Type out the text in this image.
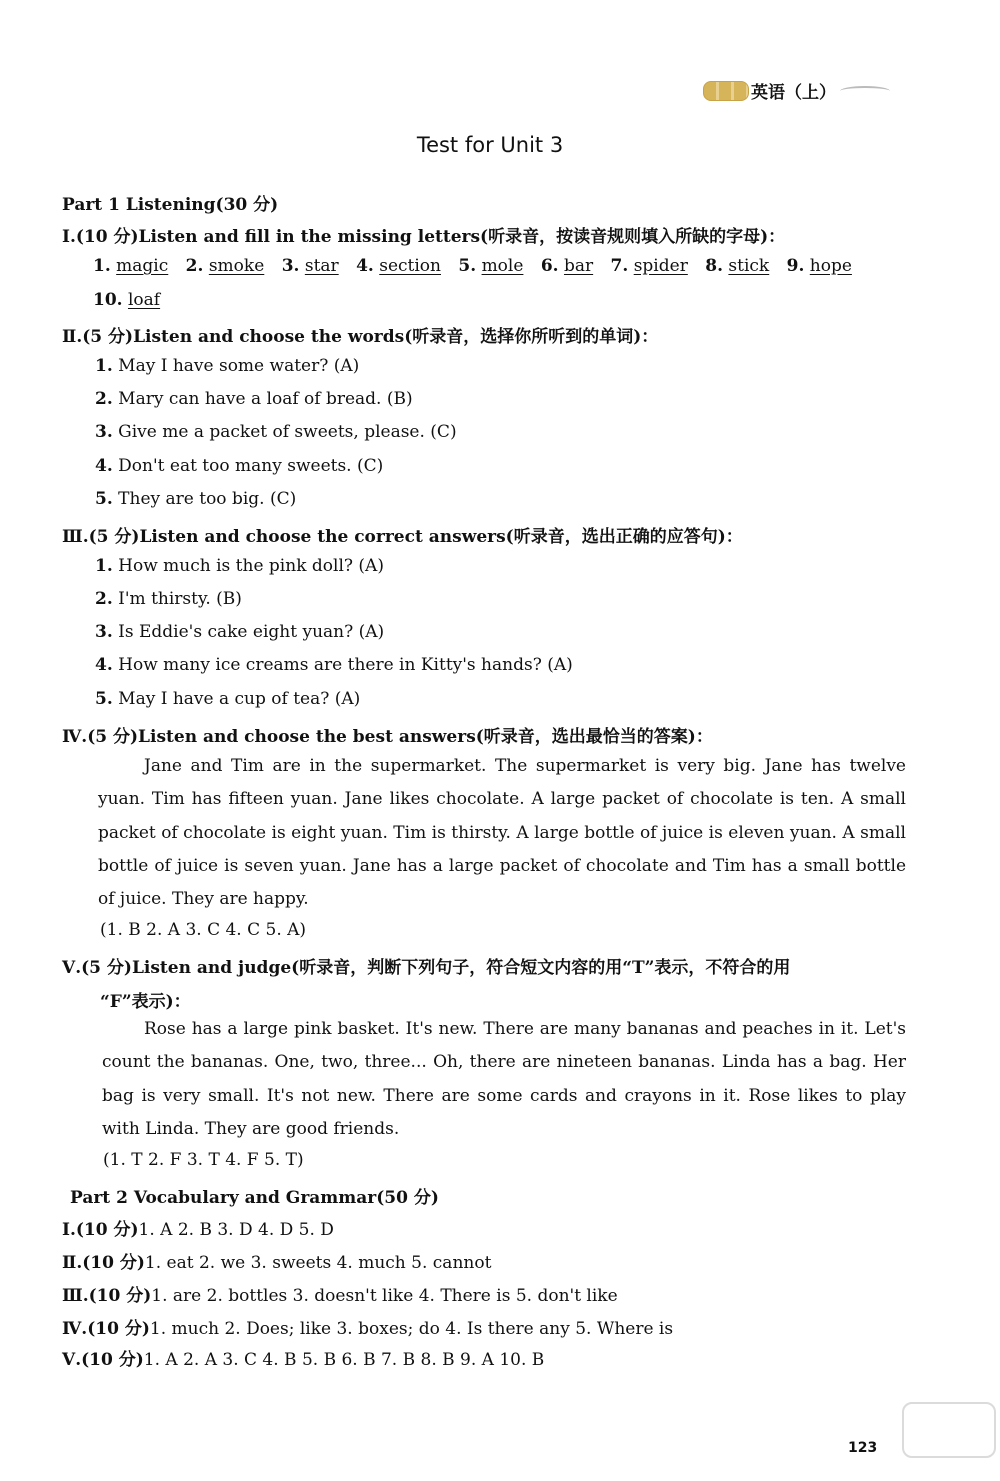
英语（上）
Test for Unit 3
Part 1 Listening(30 分)
Ⅰ.(10 分)Listen and fill in the missing letters(听录音，按读音规则填入所缺的字母)：
1. magic 2. smoke 3. star 4. section 5. mole 6. bar 7. spider 8. stick 9. hope
10. loaf
Ⅱ.(5 分)Listen and choose the words(听录音，选择你所听到的单词)：
1. May I have some water? (A)
2. Mary can have a loaf of bread. (B)
3. Give me a packet of sweets, please. (C)
4. Don't eat too many sweets. (C)
5. They are too big. (C)
Ⅲ.(5 分)Listen and choose the correct answers(听录音，选出正确的应答句)：
1. How much is the pink doll? (A)
2. I'm thirsty. (B)
3. Is Eddie's cake eight yuan? (A)
4. How many ice creams are there in Kitty's hands? (A)
5. May I have a cup of tea? (A)
Ⅳ.(5 分)Listen and choose the best answers(听录音，选出最恰当的答案)：
Jane and Tim are in the supermarket. The supermarket is very big. Jane has twelve yuan. Tim has fifteen yuan. Jane likes chocolate. A large packet of chocolate is ten. A small packet of chocolate is eight yuan. Tim is thirsty. A large bottle of juice is eleven yuan. A small bottle of juice is seven yuan. Jane has a large packet of chocolate and Tim has a small bottle of juice. They are happy.
(1. B 2. A 3. C 4. C 5. A)
Ⅴ.(5 分)Listen and judge(听录音，判断下列句子，符合短文内容的用“T”表示，不符合的用
“F”表示)：
Rose has a large pink basket. It's new. There are many bananas and peaches in it. Let's count the bananas. One, two, three... Oh, there are nineteen bananas. Linda has a bag. Her bag is very small. It's not new. There are some cards and crayons in it. Rose likes to play with Linda. They are good friends.
(1. T 2. F 3. T 4. F 5. T)
Part 2 Vocabulary and Grammar(50 分)
Ⅰ.(10 分)1. A 2. B 3. D 4. D 5. D
Ⅱ.(10 分)1. eat 2. we 3. sweets 4. much 5. cannot
Ⅲ.(10 分)1. are 2. bottles 3. doesn't like 4. There is 5. don't like
Ⅳ.(10 分)1. much 2. Does; like 3. boxes; do 4. Is there any 5. Where is
Ⅴ.(10 分)1. A 2. A 3. C 4. B 5. B 6. B 7. B 8. B 9. A 10. B
123
